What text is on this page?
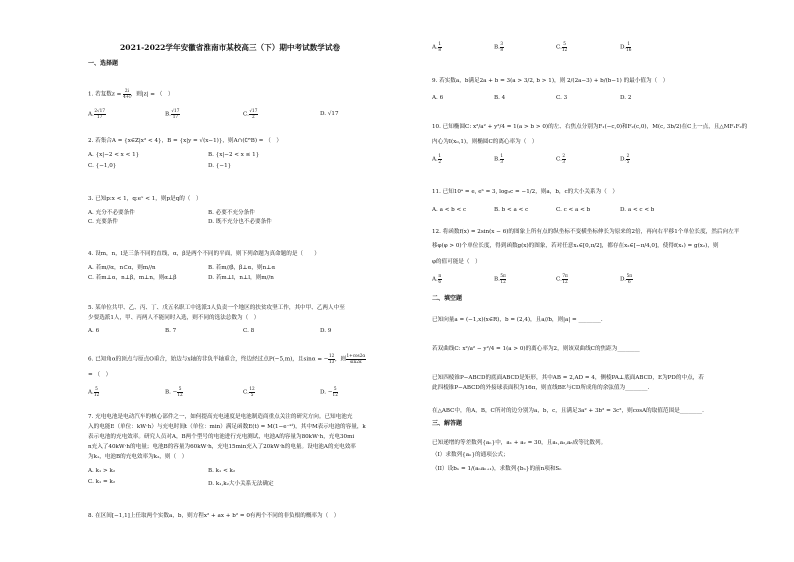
2021-2022学年安徽省淮南市某校高三（下）期中考试数学试卷
一、选择题
1. 若复数$z = \frac{2i}{4+i}$ ，则|z| = （　）
A. $\frac{2√17}{17}$	B. $\frac{√17}{17}$	C. $\frac{√17}{2}$	D. √17
2. 若集合A = {x∈Z|x² < 4}，B = {x|y = √(x−1)}，则A∩(∁ᴿB) = （　）
A. {x|−2 < x < 1}	B. {x|−2 < x ≤ 1}
C. {−1,0}	D. {−1}
3. 已知p:x < 1，q:eˣ < 1，则p是q的（　）
A. 充分不必要条件	B. 必要不充分条件
C. 充要条件	D. 既不充分也不必要条件
4. 设m，n，l是三条不同的直线，α，β是两个不同的平面，则下列命题为真命题的是（　　）
A. 若m//α，n⊂α，则m//n	B. 若m//β，β⊥α，则n⊥α
C. 若m⊥α，n⊥β，m⊥n，则α⊥β	D. 若m⊥l，n⊥l，则m//n
5. 某单位共甲、乙、丙、丁、戊五名职工中选派3人负责一个地区的扶贫攻坚工作，其中甲、乙两人中至
少要选派1人，甲、丙两人不能同时入选，则不同的选法总数为（　）
A. 6	B. 7	C. 8	D. 9
6. 已知角α的顶点与原点O重合，始边与x轴的非负半轴重合，终边经过点P(−5,m)，且sinα = − $\frac{12}{13}$ ，则 $\frac{1+\cos 2\alpha}{\sin 2\alpha}$
= （　）
A. $\frac{5}{12}$	B. − $\frac{5}{12}$	C. $\frac{12}{5}$	D. − $\frac{5}{12}$
7. 充电电池是电动汽车的核心部件之一，如何提高充电速度是电池制造商重点关注的研究方向。已知电池充
入的电能E（单位：kW·h）与充电时间t（单位：min）满足函数E(t) = M(1−e⁻ᵏᵗ)，其中M表示电池的容量，k
表示电池的充电效率。研究人员对A，B两个型号的电池进行充电测试，电池A的容量为80kW·h，充电30mi
n充入了40kW·h的电量；电池B的容量为60kW·h，充电15min充入了20kW·h的电量。设电池A的充电效率
为k₁，电池B的充电效率为k₂，则（　）
A. k₁ > k₂	B. k₁ < k₂
C. k₁ = k₂	D. k₁,k₂大小关系无法确定
8. 在区间[−1,1]上任取两个实数a，b，则方程x² + ax + b² = 0有两个不同的非负根的概率为（　）
A. $\frac{1}{8}$	B. $\frac{3}{8}$	C. $\frac{5}{12}$	D. $\frac{1}{16}$
9. 若实数a，b满足2a + b = 3(a > 3/2, b > 1)，则 2/(2a−3) + b/(b−1) 的最小值为（　）
A. 6	B. 4	C. 3	D. 2
10. 已知椭圆C: x²/a² + y²/4 = 1(a > b > 0)的左、右焦点分别为F₁(−c,0)和F₂(c,0)，M(c, 3b/2)在C上一点，且△MF₁F₂的
内心为I(x₀,1)，则椭圆C的离心率为（　）
A. $\frac{1}{2}$	B. $\frac{1}{3}$	C. $\frac{2}{3}$	D. $\frac{2}{5}$
11. 已知10ᵃ = e, eᵇ = 3, log₃c = −1/2，则a，b，c的大小关系为（　）
A. a < b < c	B. b < a < c	C. c < a < b	D. a < c < b
12. 将函数f(x) = 2sin(x − 6)的图象上所有点的纵坐标不变横坐标伸长为原来的2倍，再向右平移1个单位长度，然后向左平
移φ(φ > 0)个单位长度，得到函数g(x)的图象，若对任意x₁∈[0,π/2]，都存在x₂∈[−π/4,0]，使得f(x₁) = g(x₂)，则
φ的值可能是（　）
A. $\frac{\pi}{6}$	B. $\frac{5\pi}{12}$	C. $\frac{7\pi}{12}$	D. $\frac{5\pi}{6}$
二、填空题
已知向量a = (−1,x)(x∈R)，b = (2,4)，且a//b，则|a| = ________.
若双曲线C: x²/a² − y²/4 = 1(a > 0)的离心率为2，则该双曲线C的焦距为________
已知四棱锥P−ABCD的底面ABCD是矩形，其中AB = 2,AD = 4，侧棱PA⊥底面ABCD，E为PD的中点，若
此四棱锥P−ABCD的外接球表面积为16π，则直线BE与CD所成角的余弦值为________.
在△ABC中，角A，B，C所对的边分别为a，b，c，且满足3a² + 3b² = 3c²，则cosA的取值范围是________.
三、解答题
已知递增的等差数列{aₙ}中，a₁ + a₂ = 30，且a₁,a₂,a₆成等比数列。
（I）求数列{aₙ}的通项公式；
（II）设bₙ = 1/(aₙaₙ₊₁)，求数列{bₙ}的前n项和Sₙ
